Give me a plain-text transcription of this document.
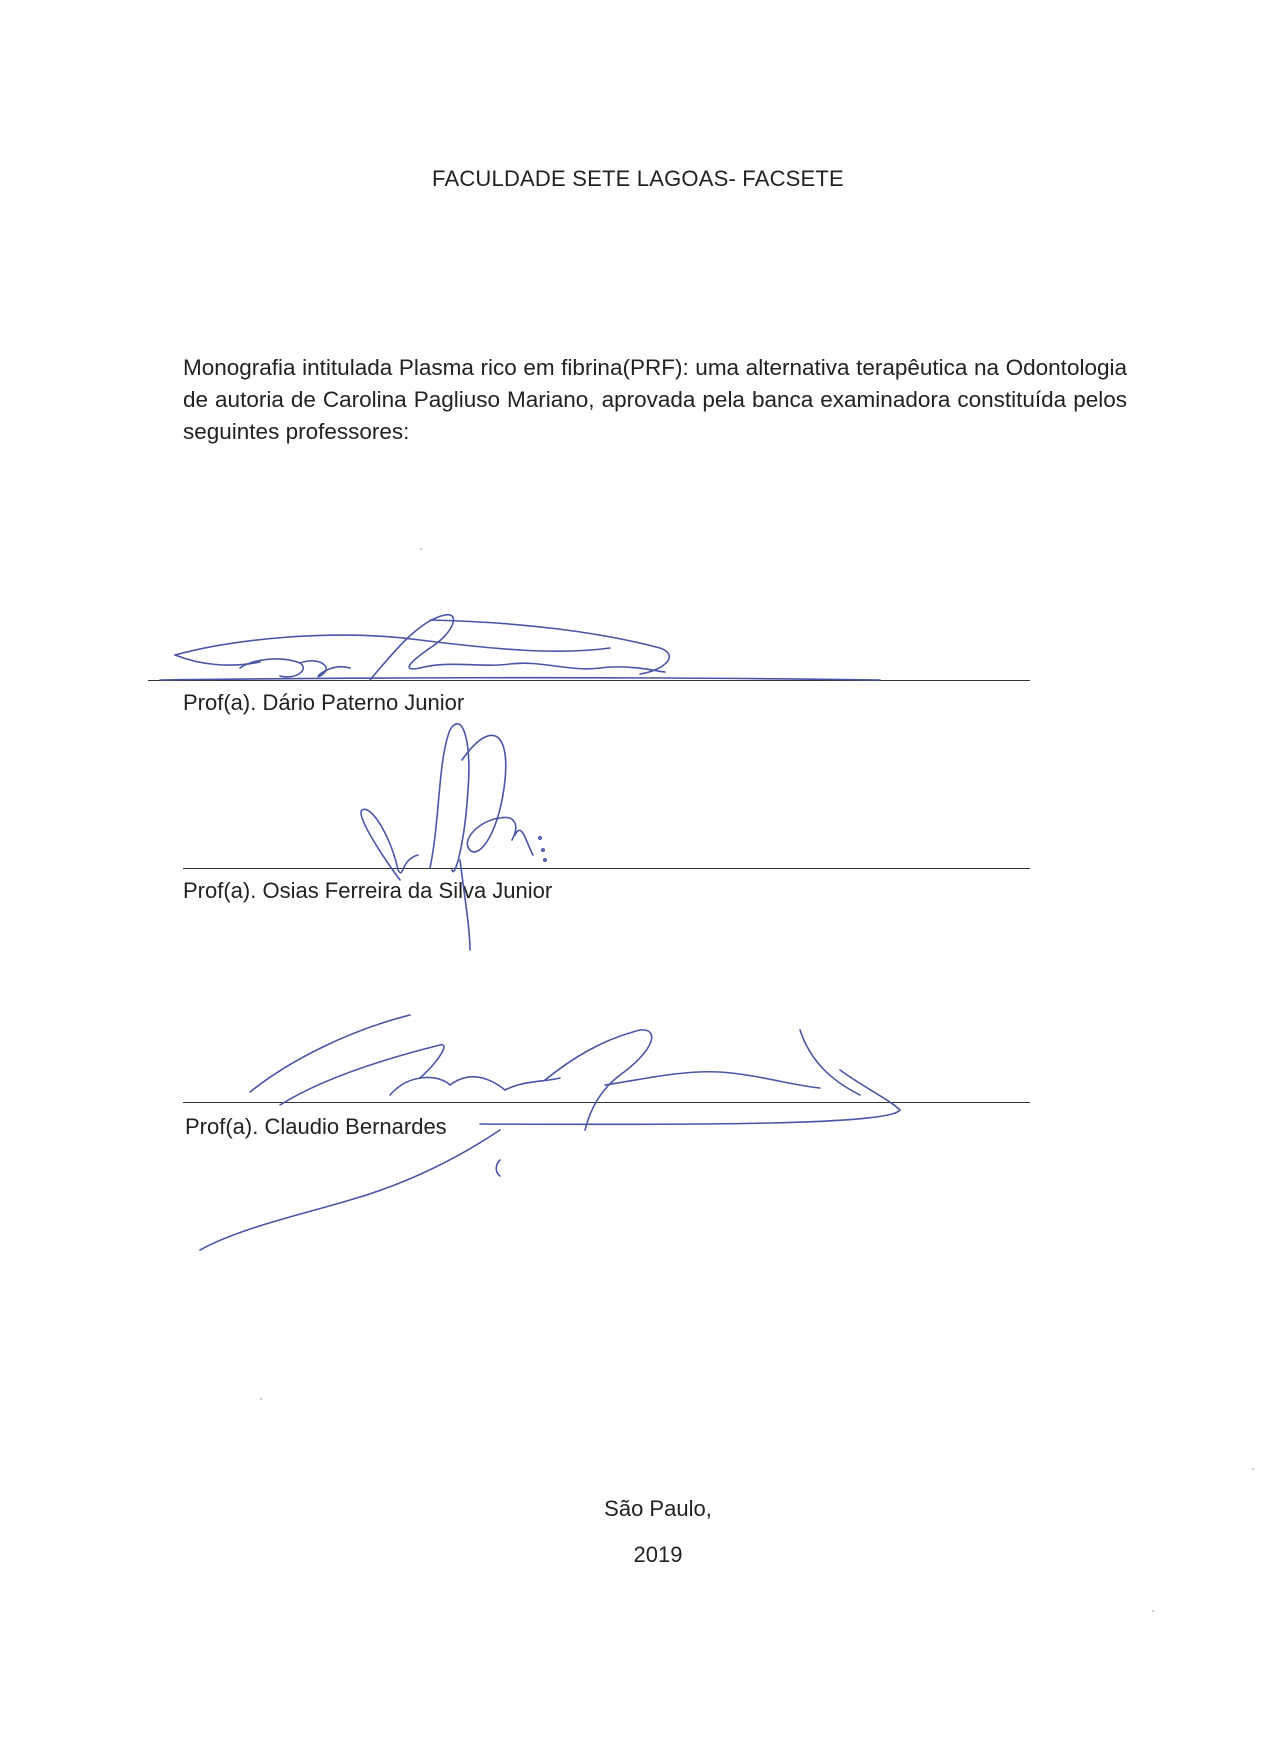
FACULDADE SETE LAGOAS- FACSETE
Monografia intitulada Plasma rico em fibrina(PRF): uma alternativa terapêutica na Odontologia de autoria de Carolina Pagliuso Mariano, aprovada pela banca examinadora constituída pelos seguintes professores:
Prof(a). Dário Paterno Junior
Prof(a). Osias Ferreira da Silva Junior
Prof(a). Claudio Bernardes
São Paulo,
2019
